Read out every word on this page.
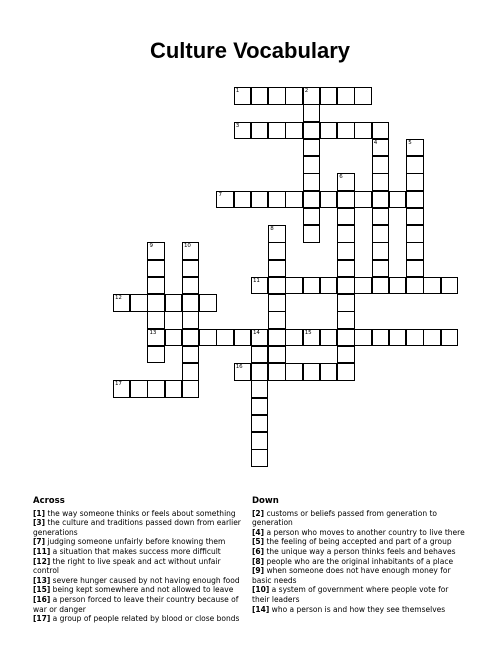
Culture Vocabulary
1	2
3
4	5
6
7
8
9
13
10
11
12
14	15
16
17
Across
[1] the way someone thinks or feels about something
[3] the culture and traditions passed down from earlier generations
[7] judging someone unfairly before knowing them
[11] a situation that makes success more difficult
[12] the right to live speak and act without unfair control
[13] severe hunger caused by not having enough food
[15] being kept somewhere and not allowed to leave
[16] a person forced to leave their country because of war or danger
[17] a group of people related by blood or close bonds
Down
[2] customs or beliefs passed from generation to generation
[4] a person who moves to another country to live there
[5] the feeling of being accepted and part of a group
[6] the unique way a person thinks feels and behaves
[8] people who are the original inhabitants of a place
[9] when someone does not have enough money for basic needs
[10] a system of government where people vote for their leaders
[14] who a person is and how they see themselves
